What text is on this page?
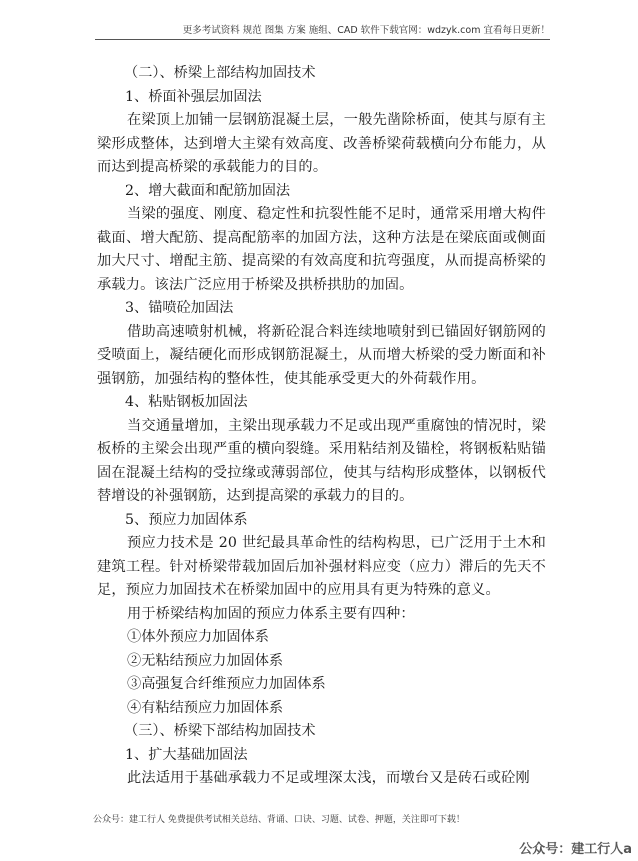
更多考试资料 规范 图集 方案 施组、CAD 软件下载官网：wdzyk.com 宜看每日更新！

（二）、桥梁上部结构加固技术

1、桥面补强层加固法

在梁顶上加铺一层钢筋混凝土层，一般先凿除桥面，使其与原有主梁形成整体，达到增大主梁有效高度、改善桥梁荷载横向分布能力，从而达到提高桥梁的承载能力的目的。

2、增大截面和配筋加固法

当梁的强度、刚度、稳定性和抗裂性能不足时，通常采用增大构件截面、增大配筋、提高配筋率的加固方法，这种方法是在梁底面或侧面加大尺寸、增配主筋、提高梁的有效高度和抗弯强度，从而提高桥梁的承载力。该法广泛应用于桥梁及拱桥拱肋的加固。

3、锚喷砼加固法

借助高速喷射机械，将新砼混合料连续地喷射到已锚固好钢筋网的受喷面上，凝结硬化而形成钢筋混凝土，从而增大桥梁的受力断面和补强钢筋，加强结构的整体性，使其能承受更大的外荷载作用。

4、粘贴钢板加固法

当交通量增加，主梁出现承载力不足或出现严重腐蚀的情况时，梁板桥的主梁会出现严重的横向裂缝。采用粘结剂及锚栓，将钢板粘贴锚固在混凝土结构的受拉缘或薄弱部位，使其与结构形成整体，以钢板代替增设的补强钢筋，达到提高梁的承载力的目的。

5、预应力加固体系

预应力技术是 20 世纪最具革命性的结构构思，已广泛用于土木和建筑工程。针对桥梁带载加固后加补强材料应变（应力）滞后的先天不足，预应力加固技术在桥梁加固中的应用具有更为特殊的意义。

用于桥梁结构加固的预应力体系主要有四种：

①体外预应力加固体系

②无粘结预应力加固体系

③高强复合纤维预应力加固体系

④有粘结预应力加固体系

（三）、桥梁下部结构加固技术

1、扩大基础加固法

此法适用于基础承载力不足或埋深太浅，而墩台又是砖石或砼刚

公众号：建工行人 免费提供考试相关总结、背诵、口诀、习题、试卷、押题，关注即可下载！
公众号：建工行人a
